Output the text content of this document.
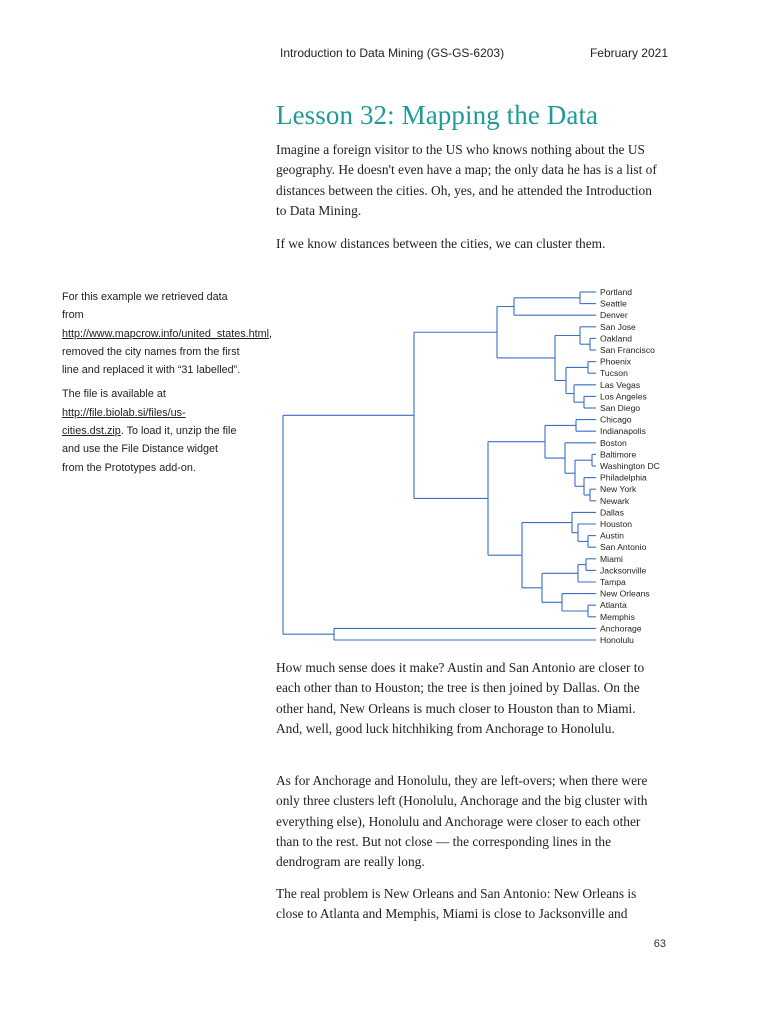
Introduction to Data Mining (GS-GS-6203)	February 2021
Lesson 32: Mapping the Data

Imagine a foreign visitor to the US who knows nothing about the US geography. He doesn't even have a map; the only data he has is a list of distances between the cities. Oh, yes, and he attended the Introduction to Data Mining.

If we know distances between the cities, we can cluster them.

For this example we retrieved data from http://www.mapcrow.info/united_states.html, removed the city names from the first line and replaced it with “31 labelled”.

The file is available at http://file.biolab.si/files/us-cities.dst.zip. To load it, unzip the file and use the File Distance widget from the Prototypes add-on.

Portland
Seattle
Denver
San Jose
Oakland
San Francisco
Phoenix
Tucson
Las Vegas
Los Angeles
San Diego
Chicago
Indianapolis
Boston
Baltimore
Washington DC
Philadelphia
New York
Newark
Dallas
Houston
Austin
San Antonio
Miami
Jacksonville
Tampa
New Orleans
Atlanta
Memphis
Anchorage
Honolulu

How much sense does it make? Austin and San Antonio are closer to each other than to Houston; the tree is then joined by Dallas. On the other hand, New Orleans is much closer to Houston than to Miami. And, well, good luck hitchhiking from Anchorage to Honolulu.

As for Anchorage and Honolulu, they are left-overs; when there were only three clusters left (Honolulu, Anchorage and the big cluster with everything else), Honolulu and Anchorage were closer to each other than to the rest. But not close — the corresponding lines in the dendrogram are really long.

The real problem is New Orleans and San Antonio: New Orleans is close to Atlanta and Memphis, Miami is close to Jacksonville and

63
